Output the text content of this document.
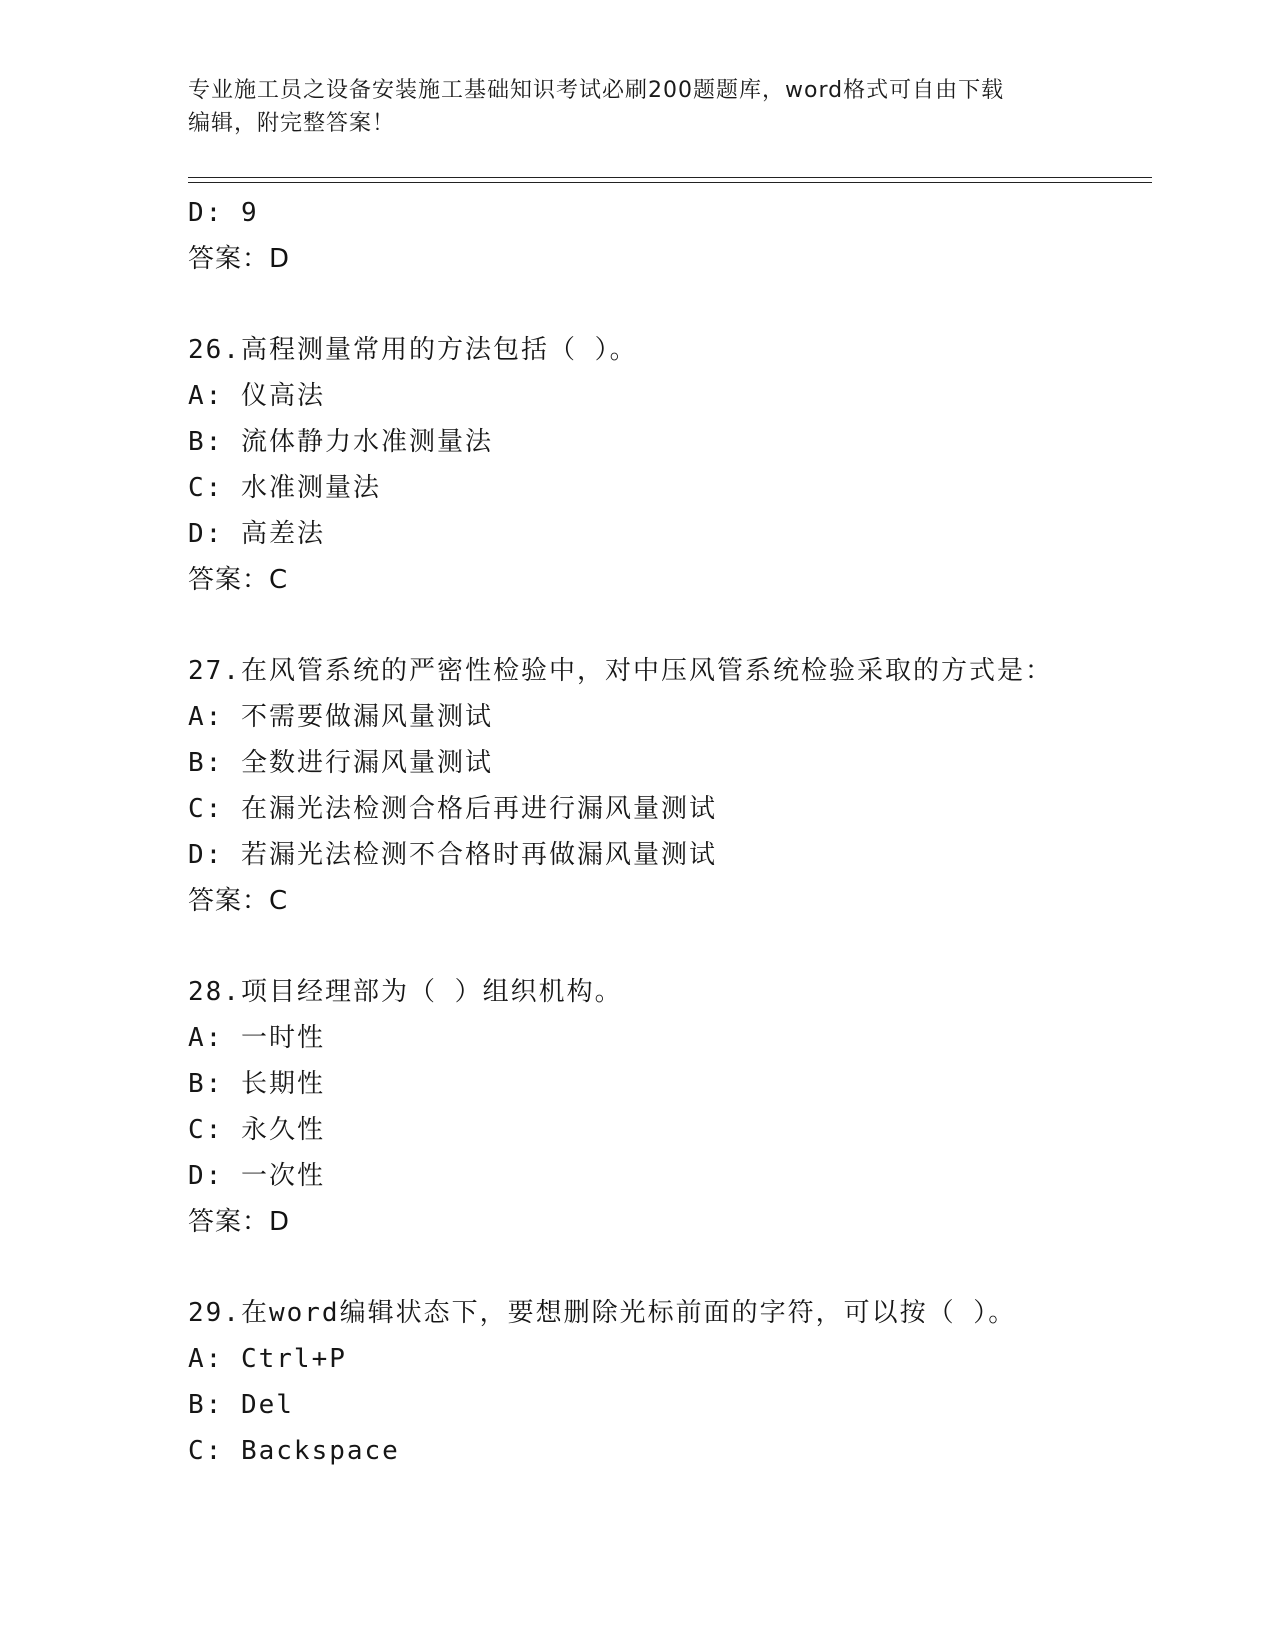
专业施工员之设备安装施工基础知识考试必刷200题题库，word格式可自由下载
编辑，附完整答案！
D: 9
答案：D
26.高程测量常用的方法包括（ ）。
A: 仪高法
B: 流体静力水准测量法
C: 水准测量法
D: 高差法
答案：C
27.在风管系统的严密性检验中，对中压风管系统检验采取的方式是：
A: 不需要做漏风量测试
B: 全数进行漏风量测试
C: 在漏光法检测合格后再进行漏风量测试
D: 若漏光法检测不合格时再做漏风量测试
答案：C
28.项目经理部为（ ）组织机构。
A: 一时性
B: 长期性
C: 永久性
D: 一次性
答案：D
29.在word编辑状态下，要想删除光标前面的字符，可以按（ ）。
A: Ctrl+P
B: Del
C: Backspace
